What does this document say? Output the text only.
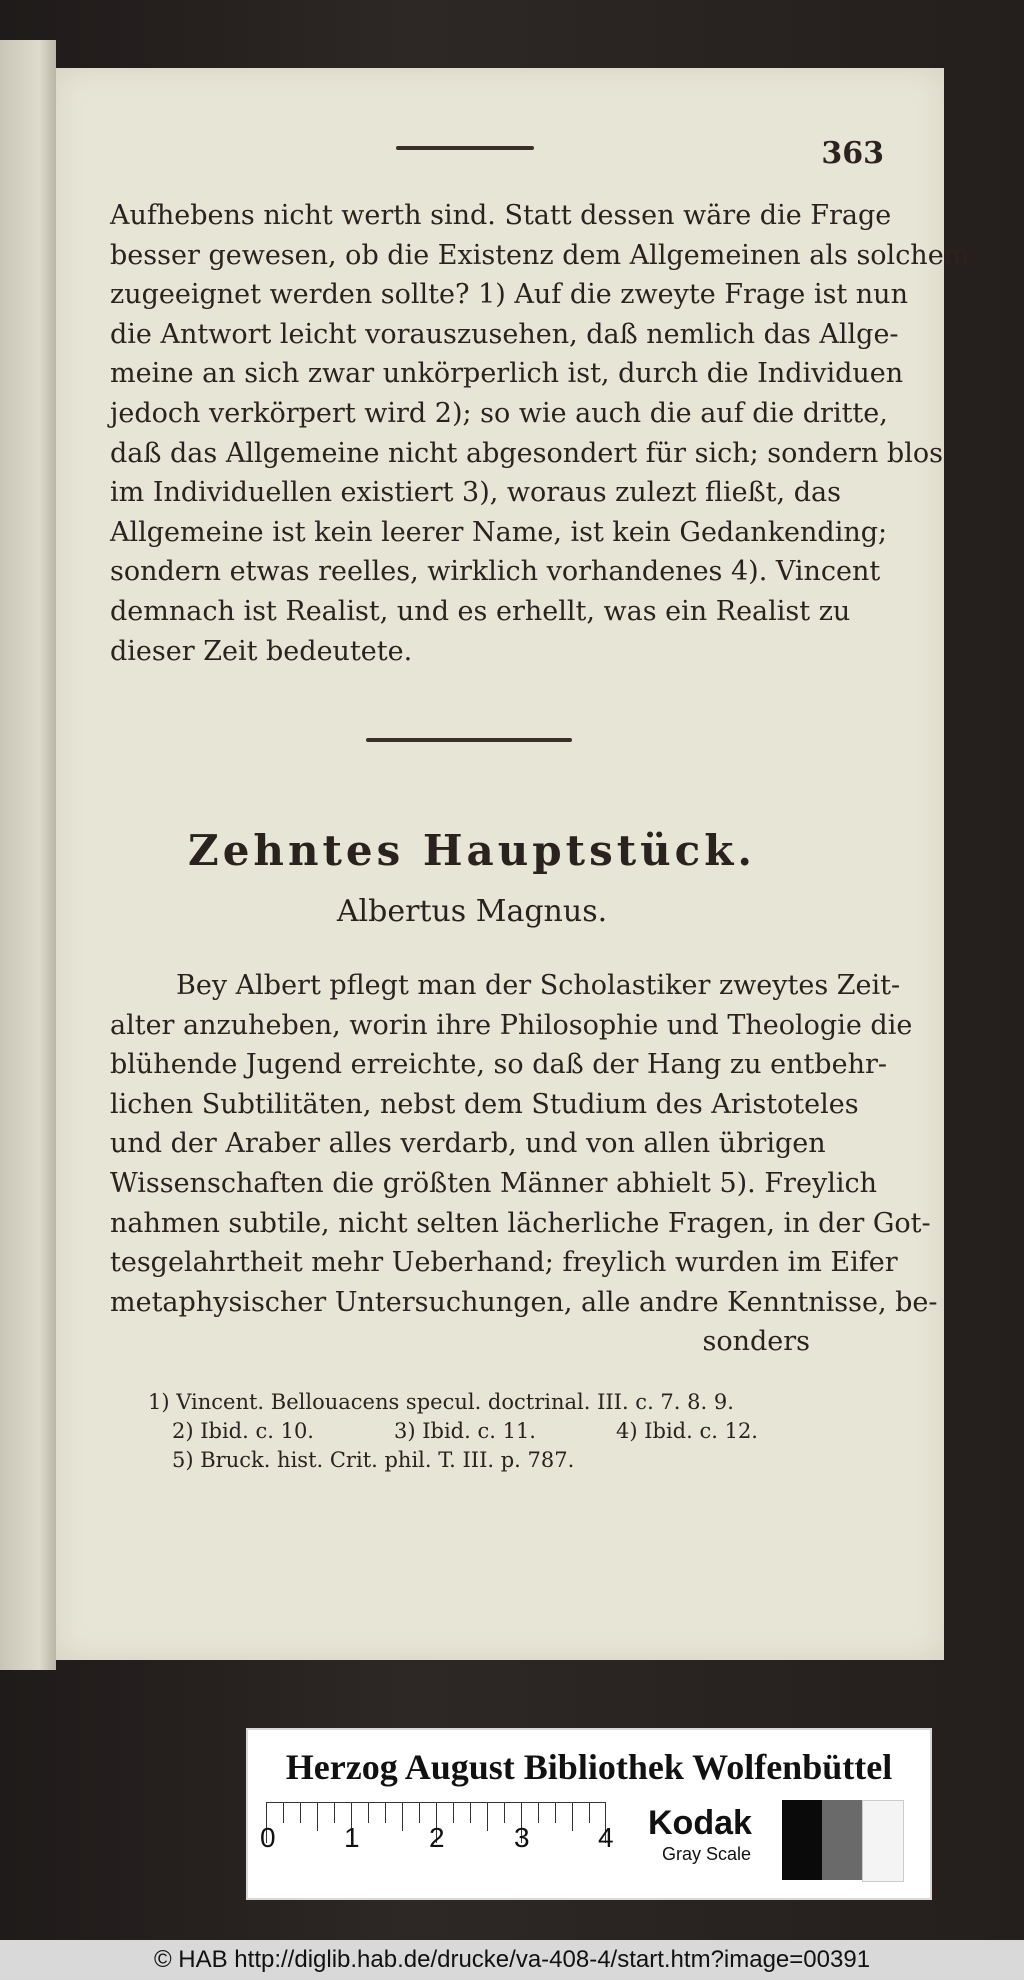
363
Aufhebens nicht werth sind. Statt dessen wäre die Frage
besser gewesen, ob die Existenz dem Allgemeinen als solchem
zugeeignet werden sollte? 1) Auf die zweyte Frage ist nun
die Antwort leicht vorauszusehen, daß nemlich das Allge-
meine an sich zwar unkörperlich ist, durch die Individuen
jedoch verkörpert wird 2); so wie auch die auf die dritte,
daß das Allgemeine nicht abgesondert für sich; sondern blos
im Individuellen existiert 3), woraus zulezt fließt, das
Allgemeine ist kein leerer Name, ist kein Gedankending;
sondern etwas reelles, wirklich vorhandenes 4). Vincent
demnach ist Realist, und es erhellt, was ein Realist zu
dieser Zeit bedeutete.
Zehntes Hauptstück.
Albertus Magnus.
Bey Albert pflegt man der Scholastiker zweytes Zeit-
alter anzuheben, worin ihre Philosophie und Theologie die
blühende Jugend erreichte, so daß der Hang zu entbehr-
lichen Subtilitäten, nebst dem Studium des Aristoteles
und der Araber alles verdarb, und von allen übrigen
Wissenschaften die größten Männer abhielt 5). Freylich
nahmen subtile, nicht selten lächerliche Fragen, in der Got-
tesgelahrtheit mehr Ueberhand; freylich wurden im Eifer
metaphysischer Untersuchungen, alle andre Kenntnisse, be-
sonders
1) Vincent. Bellouacens specul. doctrinal. III. c. 7. 8. 9.
2) Ibid. c. 10.	3) Ibid. c. 11.	4) Ibid. c. 12.
5) Bruck. hist. Crit. phil. T. III. p. 787.
Herzog August Bibliothek Wolfenbüttel
0 1 2 3 4 Kodak
Gray Scale
© HAB http://diglib.hab.de/drucke/va-408-4/start.htm?image=00391
